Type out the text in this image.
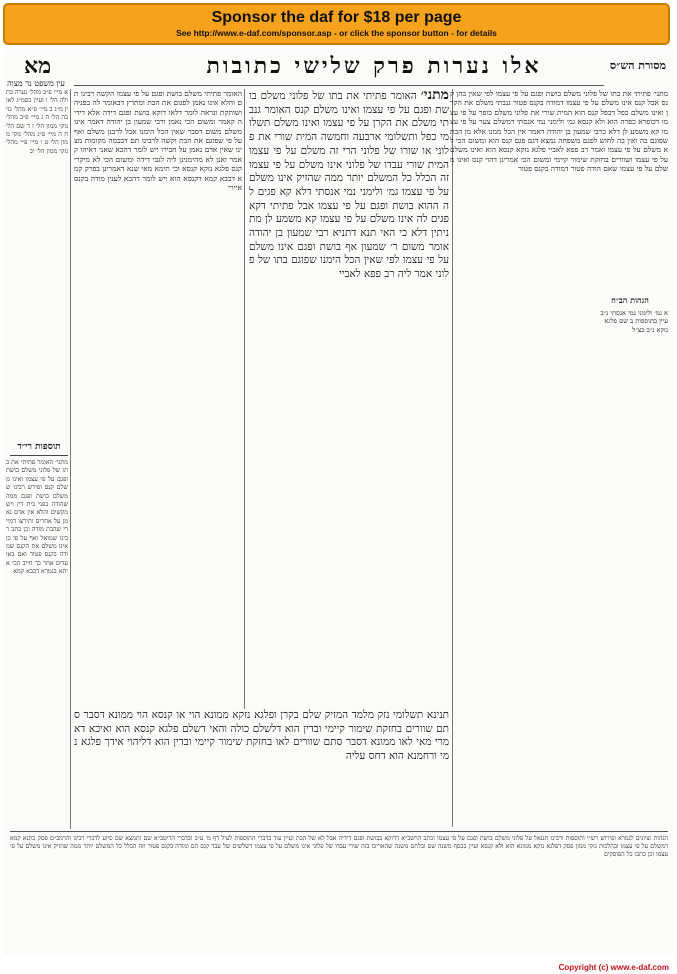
Sponsor the daf for $18 per page
See http://www.e-daf.com/sponsor.asp - or click the sponsor button - for details
מסורת הש״ס
אלו נערות פרק שלישי כתובות
מא
עין משפט נר מצוה
מתני׳ פתיתי את בתו של פלוני משלם בושת ופגם על פי עצמו לפי שאין בהן קנס אבל קנס אינו משלם על פי עצמו דמודה בקנס פטור גנבתי משלם את הקרן ואינו משלם כפל דכפל קנס הוא המית שורי את פלוני משלם כופר על פי עצמו דכופרא כפרה הוא ולא קנסא גמ׳ ולימני נמי אנסתי דמשלם צער על פי עצמו קא משמע לן דלא כרבי שמעון בן יהודה דאמר אין הכל ממנו אלא מן הבת שפוגם בה ואין בה לחוש לפגם משפחה נמצא דגם פגם קנס הוא ומשום הכי לא משלם על פי עצמו ואמר רב פפא לאביי פלגא נזקא קנסא הוא ואינו משלם על פי עצמו ושוורים בחזקת שימור קיימי ומשום הכי אמרינן דהוי קנס ואינו משלם על פי עצמו שאם הודה פטור דמודה בקנס פטור
מתני׳ האומר פתיתי את בתו של פלוני משלם בושת ופגם על פי עצמו ואינו משלם קנס האומר גנבתי משלם את הקרן על פי עצמו ואינו משלם תשלומי כפל ותשלומי ארבעה וחמשה המית שורי את פלוני או שורו של פלוני הרי זה משלם על פי עצמו המית שורי עבדו של פלוני אינו משלם על פי עצמו זה הכלל כל המשלם יותר ממה שהזיק אינו משלם על פי עצמו גמ׳ ולימני נמי אנסתי דלא קא פגים לה ההוא בושת ופגם על פי עצמו אבל פתיתי דקא פגים לה אינו משלם על פי עצמו קא משמע לן מתניתין דלא כי האי תנא דתניא רבי שמעון בן יהודה אומר משום ר׳ שמעון אף בושת ופגם אינו משלם על פי עצמו לפי שאין הכל הימנו שפוגם בתו של פלוני אמר ליה רב פפא לאביי
תנינא תשלומי נזק מלמד המזיק שלם בקרן ופלגא נזקא ממונא הוי או קנסא הוי ממונא דסבר סתם שוורים בחזקת שימור קיימי ובדין הוא דלשלם כולה והאי דשלם פלגא קנסא הוא ואיכא דאמרי מאי לאו ממונא דסבר סתם שוורים לאו בחזקת שימור קיימי ובדין הוא דליהוי אידך פלגא נמי ורחמנא הוא דחס עליה
האומר פתיתי משלם בושת ופגם על פי עצמו הקשה רבינו תם והלא אינו נאמן לפגום את הבת ומתרץ דבאומר לה בפניה ושותקת ונראה לומר דלאו דוקא בושת ופגם דידה אלא דידיה קאמר ומשום הכי נאמן ורבי שמעון בן יהודה דאמר אינו משלם משום דסבר שאין הכל הימנו אבל לרבנן משלם ואף על פי שפוגם את הבת וקשה לרבינו תם דבכמה מקומות מצינו שאין אדם נאמן על חבירו ויש לומר דהכא שאני דאיהו קאמר ואנן לא מהימנינן ליה לגבי דידה ומשום הכי לא מיקרי קנס פלגא נזקא קנסא וכי תימא מאי שנא דאמרינן בפרק קמא דבבא קמא דקנסא הוא ויש לומר דהכא לענין מודה בקנס איירי
א מיי׳ פ״ב מהל׳ נערה בתולה הל׳ ו ועיין בסמ״ג לאוין מ״ג ב מיי׳ פ״א מהל׳ גניבה הל׳ ה ג מיי׳ פ״ב מהל׳ נזקי ממון הל׳ ז ד שם הל׳ ח ה מיי׳ פ״ג מהל׳ נזקי ממון הל׳ ט ו מיי׳ פ״י מהל׳ נזקי ממון הל׳ יב
תוספות רי״ד
מתני׳ האומר פתיתי את בתו של פלוני משלם בושת ופגם על פי עצמו ואינו משלם קנס ופירש רבינו שמשלם בושת ופגם ממה שהודה בפני בית דין ויש מקשים והלא אין אדם נאמן על אחרים ותירצו דמיירי שהבת מודה וכן כתב רבינו שמואל ואף על פי כן אינו משלם את הקנס שמודה בקנס פטור ואם באו עדים אחר כך חייב הכי איתא בגמרא דבבא קמא
הגהות הב״ח
א גמ׳ ולימני נמי אנסתי נ״ב עיין בתוספות ב שם פלגא נזקא נ״ב כצ״ל
הגהות וציונים לגמרא ופירוש רש״י ותוספות ורבינו חננאל על פלוני משלם בושת ופגם על פי עצמו וכתב הרשב״א דדוקא בבושת ופגם דידיה אבל לא של הבת ועיין עוד בדברי התוספות לעיל דף מ׳ ע״ב ובדברי הריטב״א שם ותמצא שם סיוע לדברי רבינו והרמב״ם פסק כתנא קמא דמשלם על פי עצמו ובהלכות נזקי ממון פסק דפלגא נזקא ממונא הוא ולא קנסא ועיין בכסף משנה שם ובלחם משנה שהאריכו בזה שורי עבדו של פלוני אינו משלם על פי עצמו דשלשים של עבד קנס הם ומודה בקנס פטור וזה הכלל כל המשלם יותר ממה שהזיק אינו משלם על פי עצמו וכן כתבו כל הפוסקים
Copyright (c) www.e-daf.com
